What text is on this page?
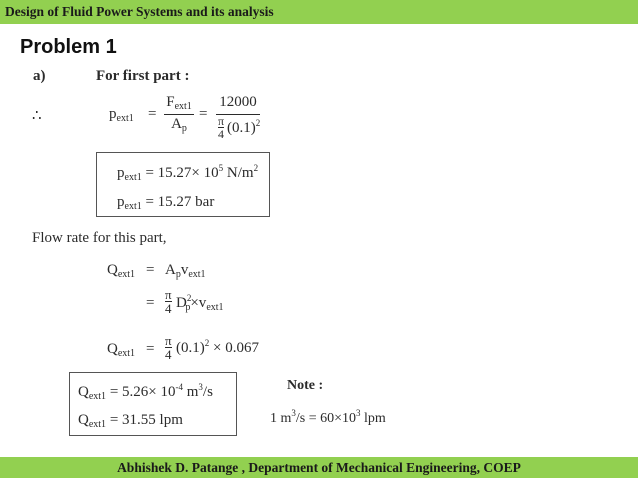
Design of Fluid Power Systems and its analysis
Problem 1
a)	For first part :
∴	$p_{ext1}$ =
$F_{ext1}$
$A_p$
=
12000
π
4 $(0.1)^2$
$p_{ext1} = 15.27\times 10^5$ $N/m^2$
$p_{ext1} = 15.27$ bar
Flow rate for this part,
$Q_{ext1} = A_pv_{ext1}$
=
π
4 $D^2_p\times v_{ext1}$
$Q_{ext1}$ =
π
4 $(0.1)^2 \times 0.067$
$Q_{ext1} = 5.26\times 10^{-4}$ $m^3/s$
$Q_{ext1} = 31.55$ lpm
Note :
1 $m^3/s = 60\times 10^3$ lpm
Abhishek D. Patange , Department of Mechanical Engineering, COEP
